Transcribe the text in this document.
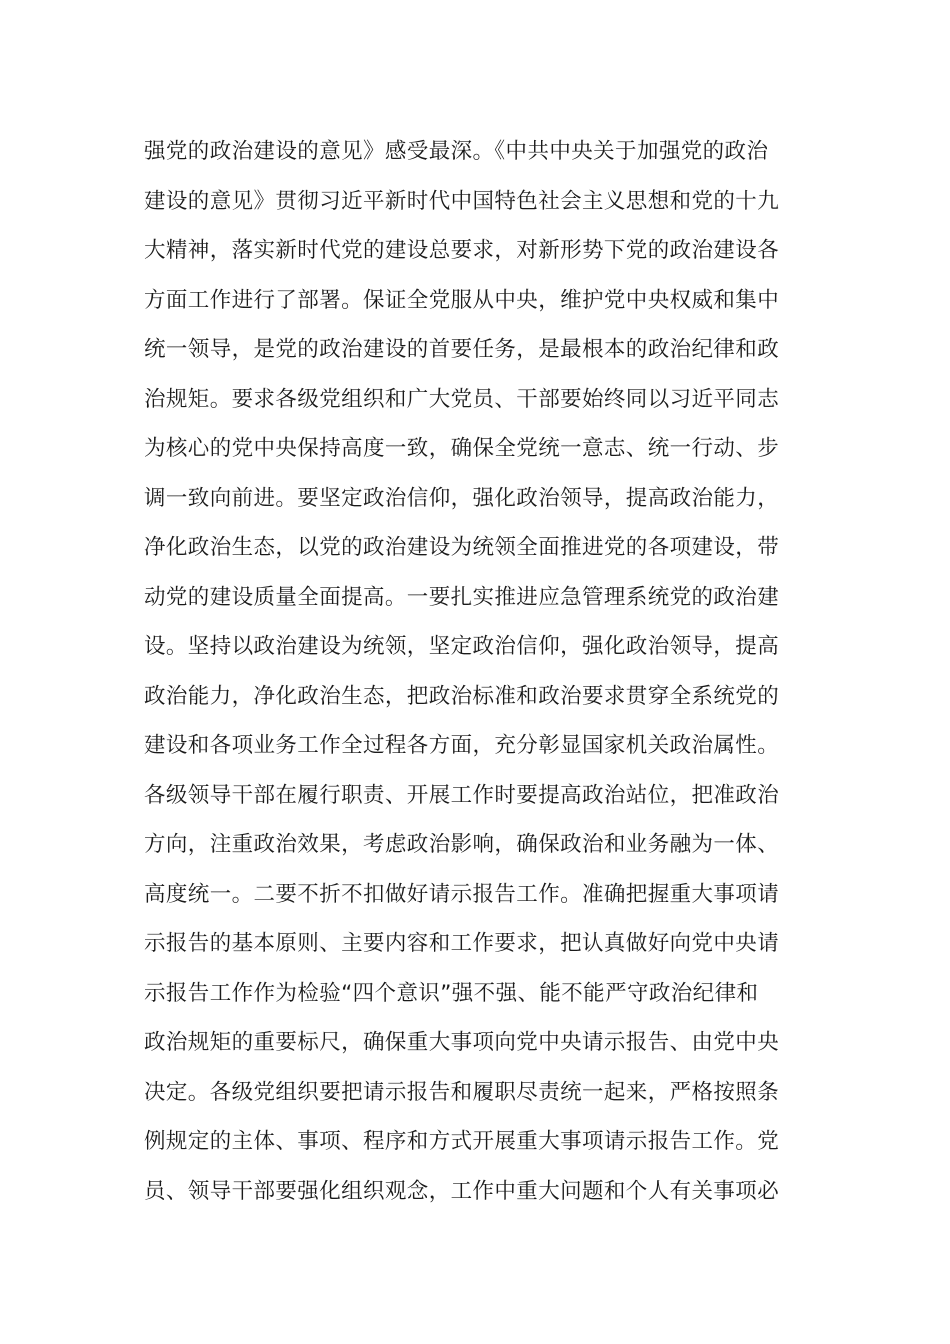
强党的政治建设的意见》感受最深。《中共中央关于加强党的政治
建设的意见》贯彻习近平新时代中国特色社会主义思想和党的十九
大精神，落实新时代党的建设总要求，对新形势下党的政治建设各
方面工作进行了部署。保证全党服从中央，维护党中央权威和集中
统一领导，是党的政治建设的首要任务，是最根本的政治纪律和政
治规矩。要求各级党组织和广大党员、干部要始终同以习近平同志
为核心的党中央保持高度一致，确保全党统一意志、统一行动、步
调一致向前进。要坚定政治信仰，强化政治领导，提高政治能力，
净化政治生态，以党的政治建设为统领全面推进党的各项建设，带
动党的建设质量全面提高。一要扎实推进应急管理系统党的政治建
设。坚持以政治建设为统领，坚定政治信仰，强化政治领导，提高
政治能力，净化政治生态，把政治标准和政治要求贯穿全系统党的
建设和各项业务工作全过程各方面，充分彰显国家机关政治属性。
各级领导干部在履行职责、开展工作时要提高政治站位，把准政治
方向，注重政治效果，考虑政治影响，确保政治和业务融为一体、
高度统一。二要不折不扣做好请示报告工作。准确把握重大事项请
示报告的基本原则、主要内容和工作要求，把认真做好向党中央请
示报告工作作为检验“四个意识”强不强、能不能严守政治纪律和
政治规矩的重要标尺，确保重大事项向党中央请示报告、由党中央
决定。各级党组织要把请示报告和履职尽责统一起来，严格按照条
例规定的主体、事项、程序和方式开展重大事项请示报告工作。党
员、领导干部要强化组织观念，工作中重大问题和个人有关事项必
